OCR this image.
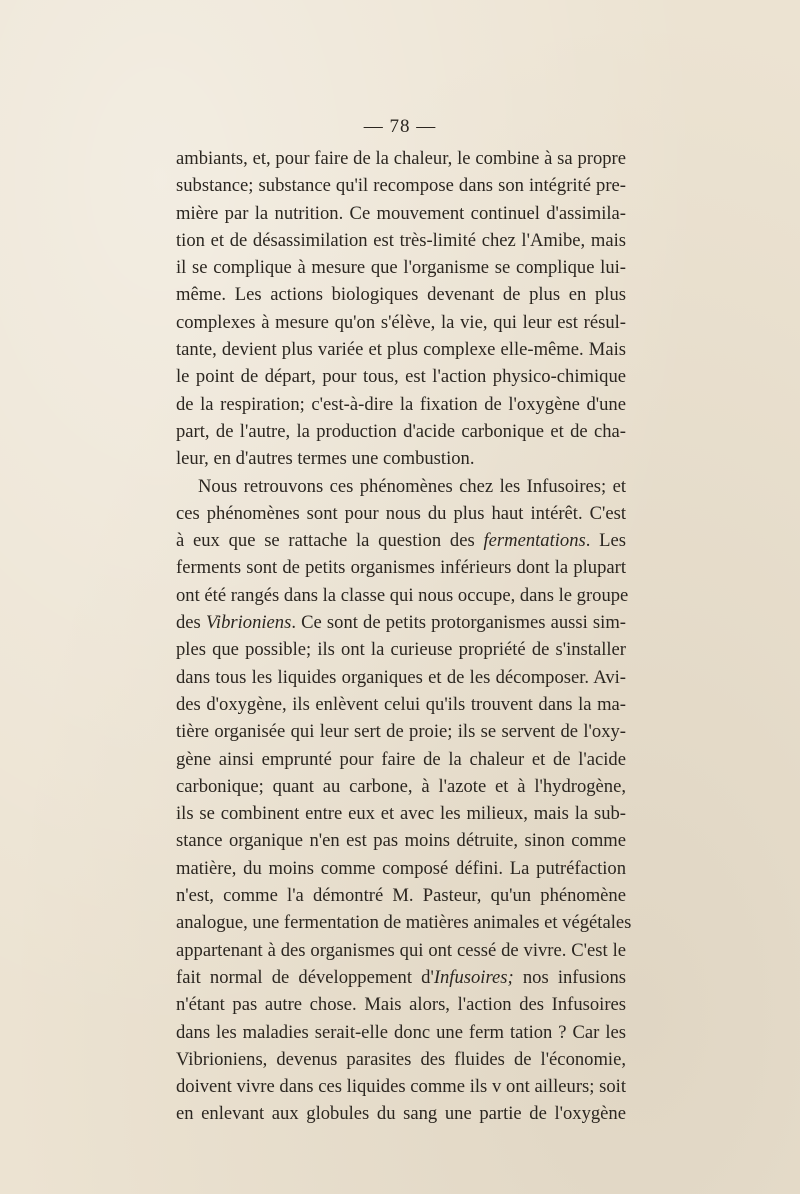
— 78 —
ambiants, et, pour faire de la chaleur, le combine à sa propre
substance; substance qu'il recompose dans son intégrité pre-
mière par la nutrition. Ce mouvement continuel d'assimila-
tion et de désassimilation est très-limité chez l'Amibe, mais
il se complique à mesure que l'organisme se complique lui-
même. Les actions biologiques devenant de plus en plus
complexes à mesure qu'on s'élève, la vie, qui leur est résul-
tante, devient plus variée et plus complexe elle-même. Mais
le point de départ, pour tous, est l'action physico-chimique
de la respiration; c'est-à-dire la fixation de l'oxygène d'une
part, de l'autre, la production d'acide carbonique et de cha-
leur, en d'autres termes une combustion.
Nous retrouvons ces phénomènes chez les Infusoires; et
ces phénomènes sont pour nous du plus haut intérêt. C'est
à eux que se rattache la question des fermentations. Les
ferments sont de petits organismes inférieurs dont la plupart
ont été rangés dans la classe qui nous occupe, dans le groupe
des Vibrioniens. Ce sont de petits protorganismes aussi sim-
ples que possible; ils ont la curieuse propriété de s'installer
dans tous les liquides organiques et de les décomposer. Avi-
des d'oxygène, ils enlèvent celui qu'ils trouvent dans la ma-
tière organisée qui leur sert de proie; ils se servent de l'oxy-
gène ainsi emprunté pour faire de la chaleur et de l'acide
carbonique; quant au carbone, à l'azote et à l'hydrogène,
ils se combinent entre eux et avec les milieux, mais la sub-
stance organique n'en est pas moins détruite, sinon comme
matière, du moins comme composé défini. La putréfaction
n'est, comme l'a démontré M. Pasteur, qu'un phénomène
analogue, une fermentation de matières animales et végétales
appartenant à des organismes qui ont cessé de vivre. C'est le
fait normal de développement d'Infusoires; nos infusions
n'étant pas autre chose. Mais alors, l'action des Infusoires
dans les maladies serait-elle donc une ferm tation ? Car les
Vibrioniens, devenus parasites des fluides de l'économie,
doivent vivre dans ces liquides comme ils v ont ailleurs; soit
en enlevant aux globules du sang une partie de l'oxygène
